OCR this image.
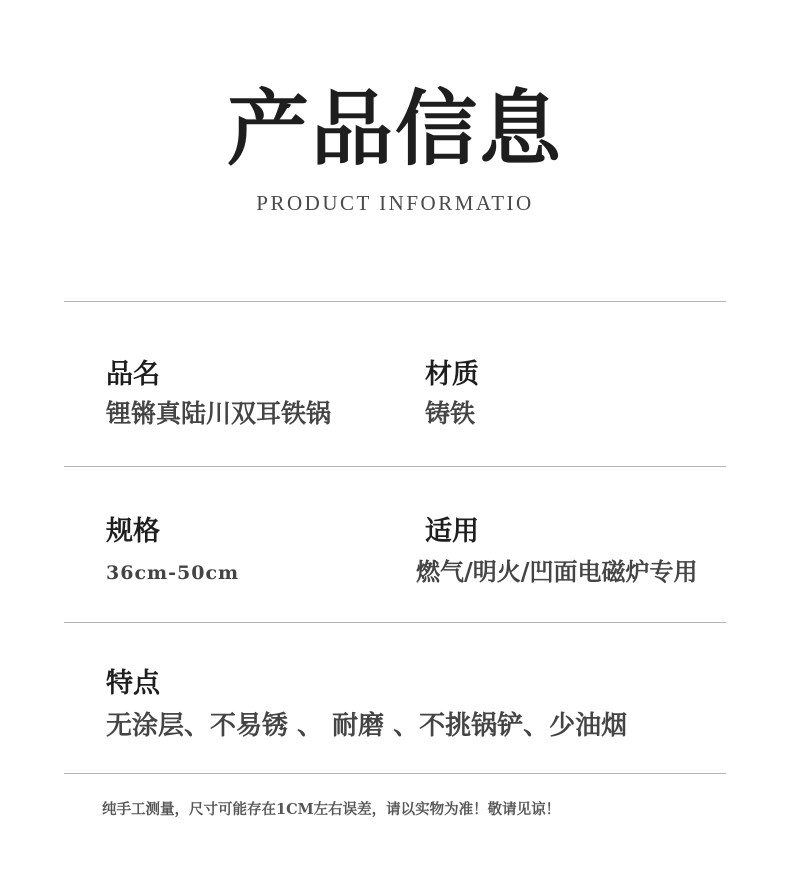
产品信息
PRODUCT INFORMATIO
品名
锂锵真陆川双耳铁锅
材质
铸铁
规格
36cm-50cm
适用
燃气/明火/凹面电磁炉专用
特点
无涂层、不易锈 、 耐磨 、不挑锅铲、少油烟
纯手工测量，尺寸可能存在1CM左右误差，请以实物为准！敬请见谅！
